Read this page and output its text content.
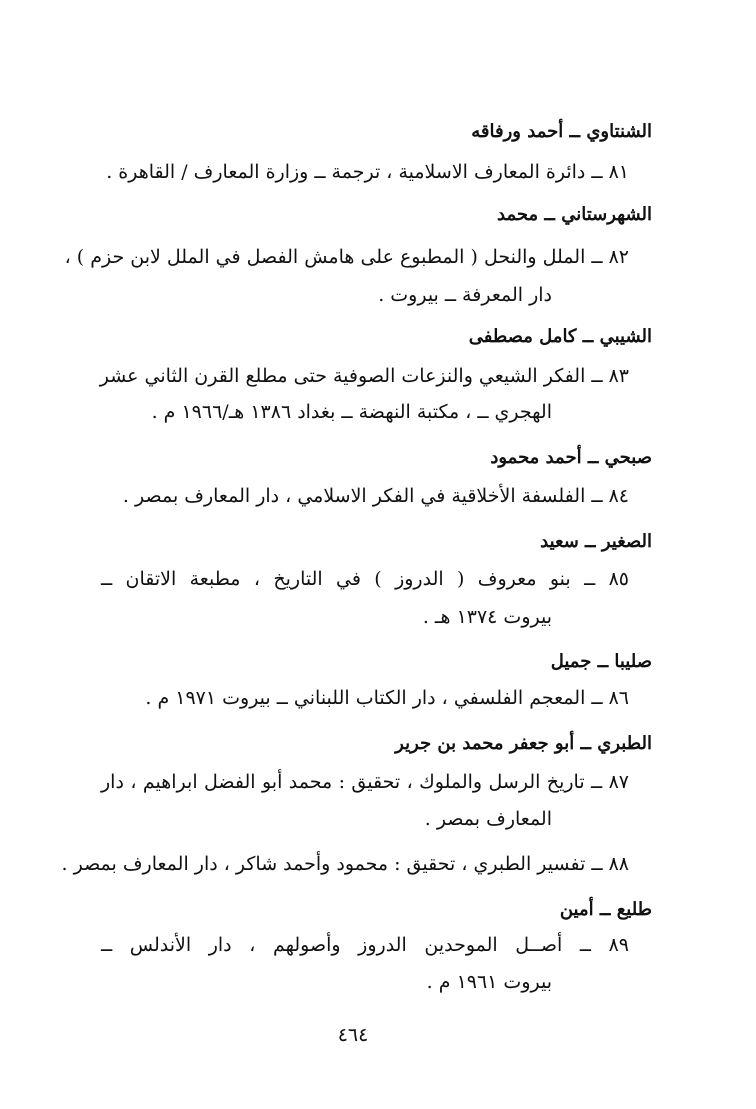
الشنتاوي ــ أحمد ورفاقه
٨١ ــ دائرة المعارف الاسلامية ، ترجمة ــ وزارة المعارف / القاهرة .
الشهرستاني ــ محمد
٨٢ ــ الملل والنحل ( المطبوع على هامش الفصل في الملل لابن حزم ) ،
دار المعرفة ــ بيروت .
الشيبي ــ كامل مصطفى
٨٣ ــ الفكر الشيعي والنزعات الصوفية حتى مطلع القرن الثاني عشر
الهجري ــ ، مكتبة النهضة ــ بغداد ١٣٨٦ هـ/١٩٦٦ م .
صبحي ــ أحمد محمود
٨٤ ــ الفلسفة الأخلاقية في الفكر الاسلامي ، دار المعارف بمصر .
الصغير ــ سعيد
٨٥ ــ بنو معروف ( الدروز ) في التاريخ ، مطبعة الاتقان ــ
بيروت ١٣٧٤ هـ .
صليبا ــ جميل
٨٦ ــ المعجم الفلسفي ، دار الكتاب اللبناني ــ بيروت ١٩٧١ م .
الطبري ــ أبو جعفر محمد بن جرير
٨٧ ــ تاريخ الرسل والملوك ، تحقيق : محمد أبو الفضل ابراهيم ، دار
المعارف بمصر .
٨٨ ــ تفسير الطبري ، تحقيق : محمود وأحمد شاكر ، دار المعارف بمصر .
طليع ــ أمين
٨٩ ــ أصــل الموحدين الدروز وأصولهم ، دار الأندلس ــ
بيروت ١٩٦١ م .
٤٦٤
